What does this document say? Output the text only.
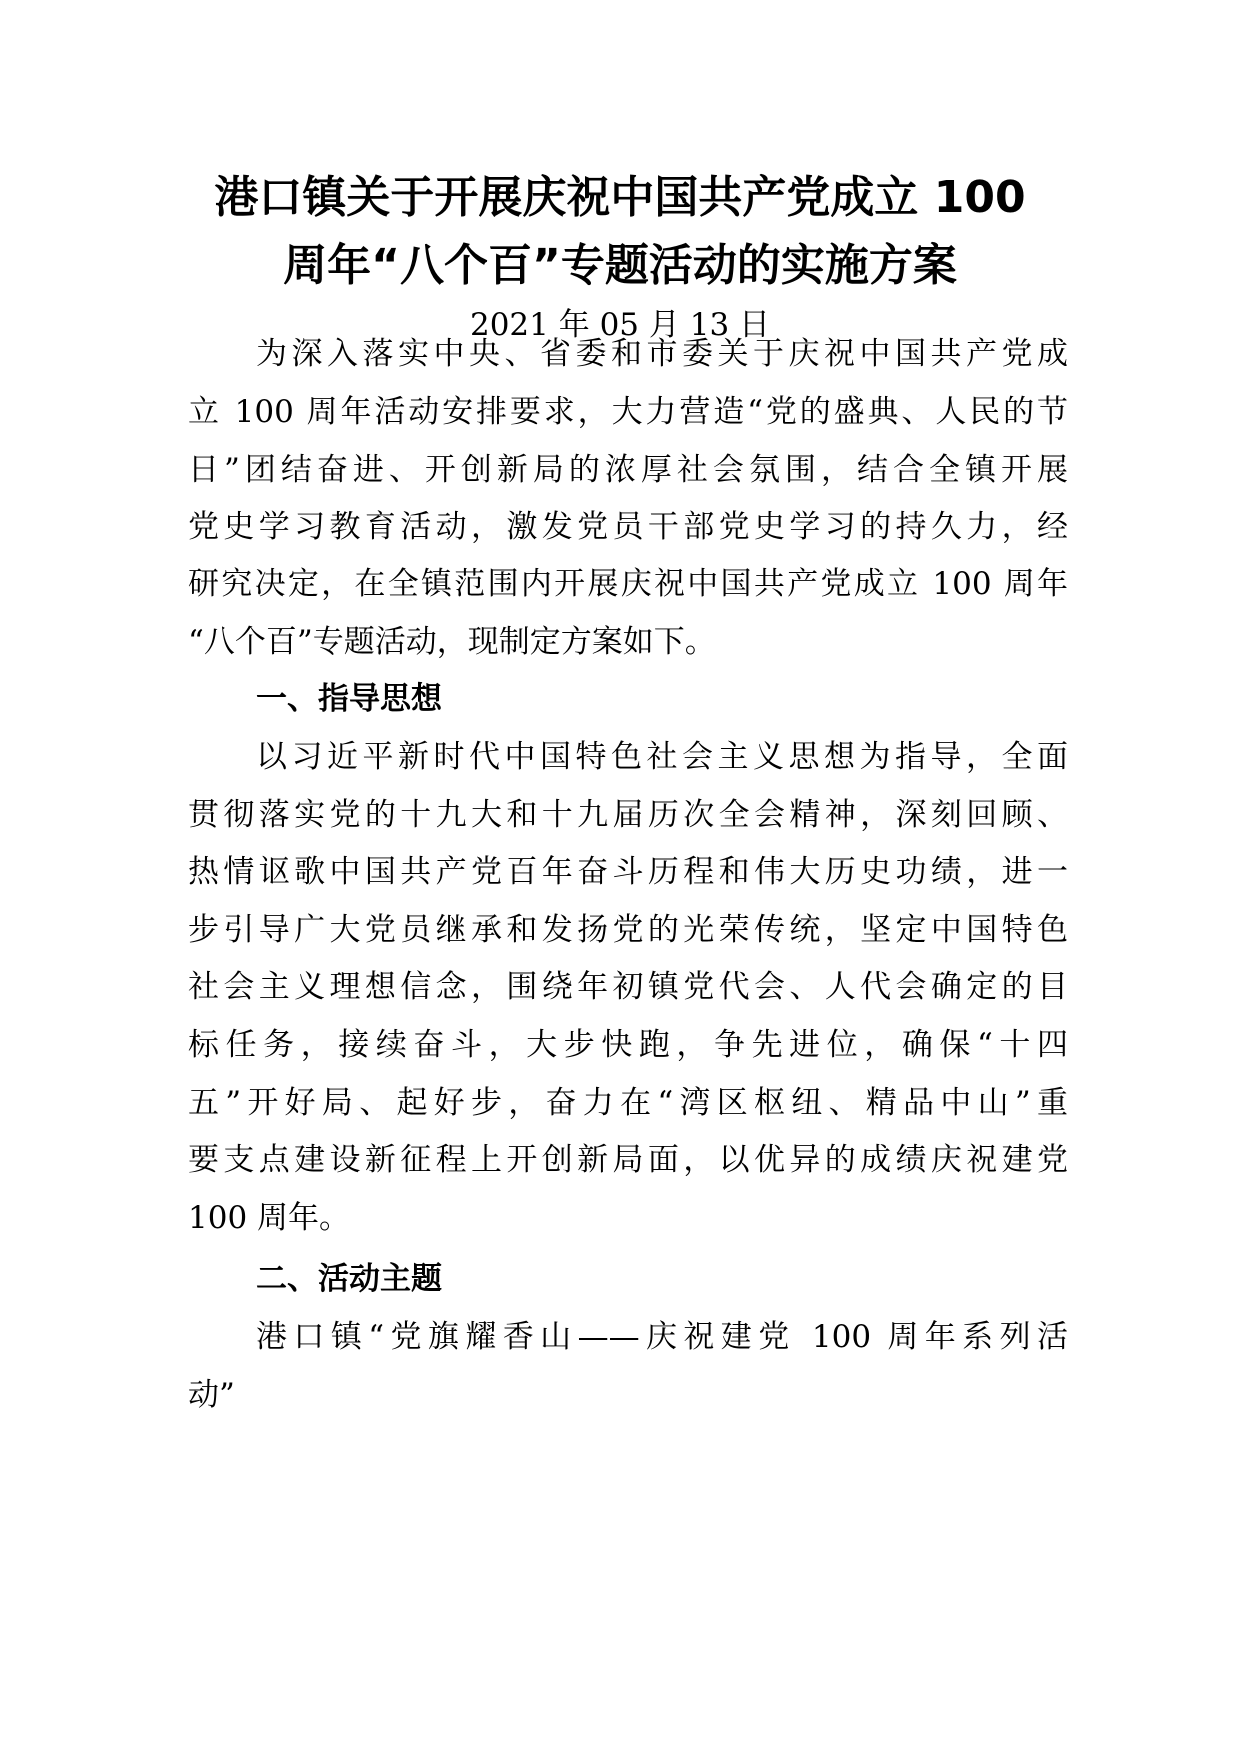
港口镇关于开展庆祝中国共产党成立 100
周年“八个百”专题活动的实施方案
2021 年 05 月 13 日
为深入落实中央、省委和市委关于庆祝中国共产党成
立 100 周年活动安排要求，大力营造“党的盛典、人民的节
日”团结奋进、开创新局的浓厚社会氛围，结合全镇开展
党史学习教育活动，激发党员干部党史学习的持久力，经
研究决定，在全镇范围内开展庆祝中国共产党成立 100 周年
“八个百”专题活动，现制定方案如下。
一、指导思想
以习近平新时代中国特色社会主义思想为指导，全面
贯彻落实党的十九大和十九届历次全会精神，深刻回顾、
热情讴歌中国共产党百年奋斗历程和伟大历史功绩，进一
步引导广大党员继承和发扬党的光荣传统，坚定中国特色
社会主义理想信念，围绕年初镇党代会、人代会确定的目
标任务，接续奋斗，大步快跑，争先进位，确保“十四
五”开好局、起好步，奋力在“湾区枢纽、精品中山”重
要支点建设新征程上开创新局面，以优异的成绩庆祝建党
100 周年。
二、活动主题
港口镇“党旗耀香山——庆祝建党 100 周年系列活
动”
